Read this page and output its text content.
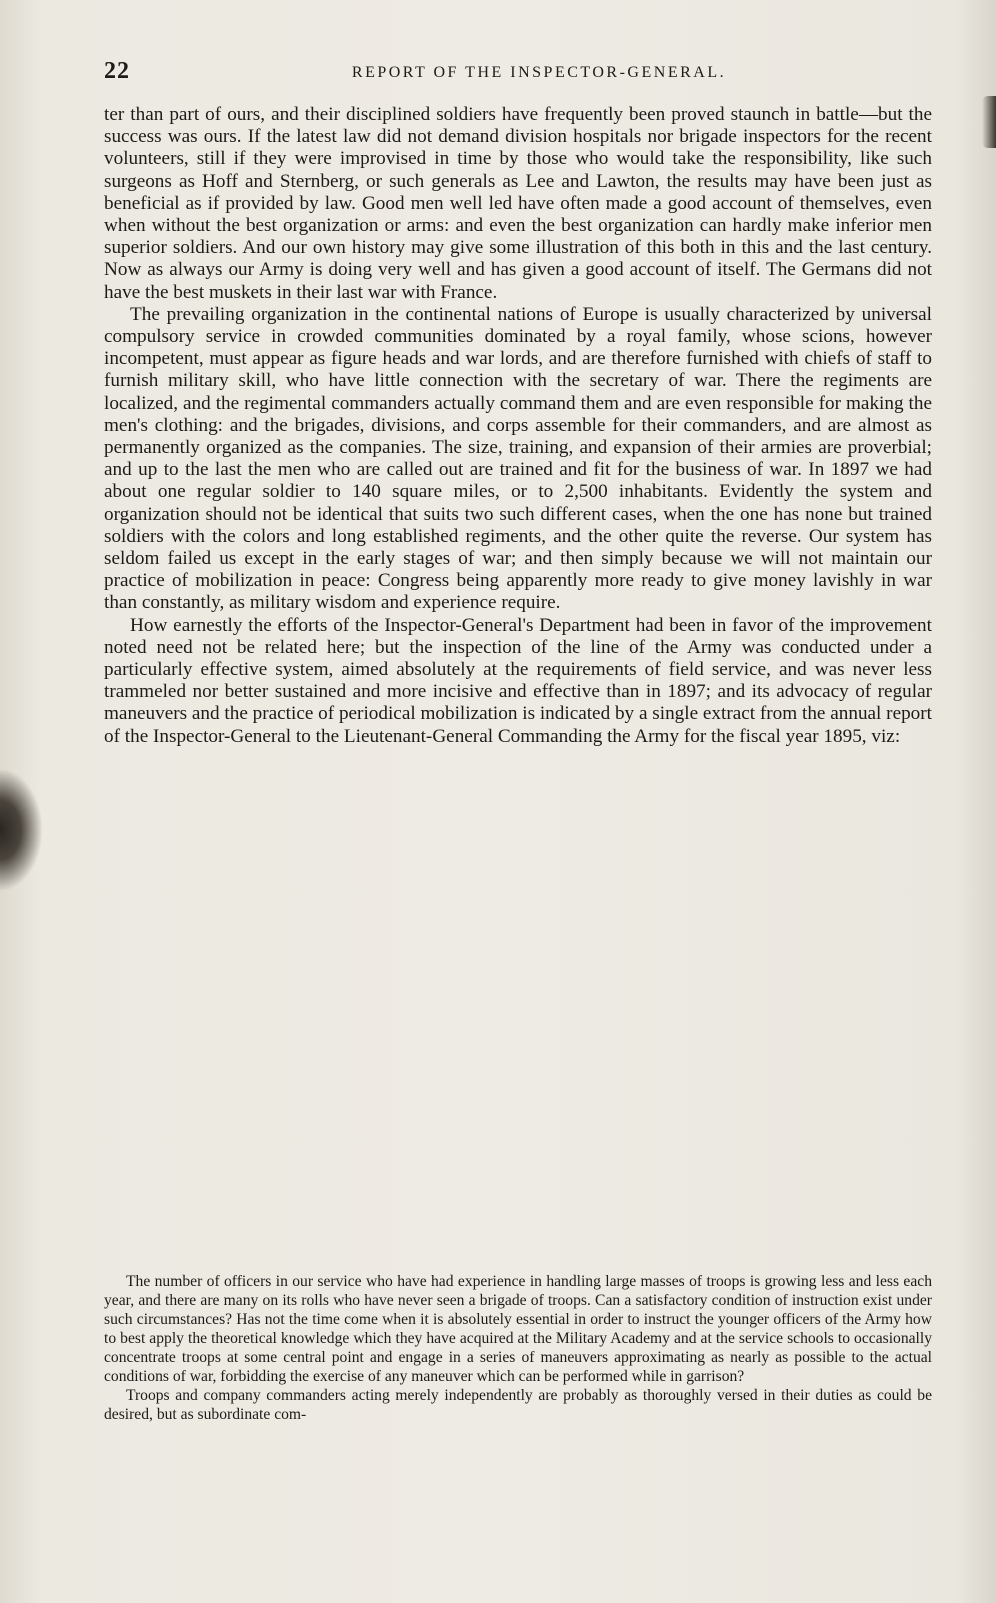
22	REPORT OF THE INSPECTOR-GENERAL.

ter than part of ours, and their disciplined soldiers have frequently been proved staunch in battle—but the success was ours. If the latest law did not demand division hospitals nor brigade inspectors for the recent volunteers, still if they were improvised in time by those who would take the responsibility, like such surgeons as Hoff and Sternberg, or such generals as Lee and Lawton, the results may have been just as beneficial as if provided by law. Good men well led have often made a good account of themselves, even when without the best organization or arms: and even the best organization can hardly make inferior men superior soldiers. And our own history may give some illustration of this both in this and the last century. Now as always our Army is doing very well and has given a good account of itself. The Germans did not have the best muskets in their last war with France.

The prevailing organization in the continental nations of Europe is usually characterized by universal compulsory service in crowded communities dominated by a royal family, whose scions, however incompetent, must appear as figure heads and war lords, and are therefore furnished with chiefs of staff to furnish military skill, who have little connection with the secretary of war. There the regiments are localized, and the regimental commanders actually command them and are even responsible for making the men's clothing: and the brigades, divisions, and corps assemble for their commanders, and are almost as permanently organized as the companies. The size, training, and expansion of their armies are proverbial; and up to the last the men who are called out are trained and fit for the business of war. In 1897 we had about one regular soldier to 140 square miles, or to 2,500 inhabitants. Evidently the system and organization should not be identical that suits two such different cases, when the one has none but trained soldiers with the colors and long established regiments, and the other quite the reverse. Our system has seldom failed us except in the early stages of war; and then simply because we will not maintain our practice of mobilization in peace: Congress being apparently more ready to give money lavishly in war than constantly, as military wisdom and experience require.

How earnestly the efforts of the Inspector-General's Department had been in favor of the improvement noted need not be related here; but the inspection of the line of the Army was conducted under a particularly effective system, aimed absolutely at the requirements of field service, and was never less trammeled nor better sustained and more incisive and effective than in 1897; and its advocacy of regular maneuvers and the practice of periodical mobilization is indicated by a single extract from the annual report of the Inspector-General to the Lieutenant-General Commanding the Army for the fiscal year 1895, viz:

The number of officers in our service who have had experience in handling large masses of troops is growing less and less each year, and there are many on its rolls who have never seen a brigade of troops. Can a satisfactory condition of instruction exist under such circumstances? Has not the time come when it is absolutely essential in order to instruct the younger officers of the Army how to best apply the theoretical knowledge which they have acquired at the Military Academy and at the service schools to occasionally concentrate troops at some central point and engage in a series of maneuvers approximating as nearly as possible to the actual conditions of war, forbidding the exercise of any maneuver which can be performed while in garrison?

Troops and company commanders acting merely independently are probably as thoroughly versed in their duties as could be desired, but as subordinate com-
